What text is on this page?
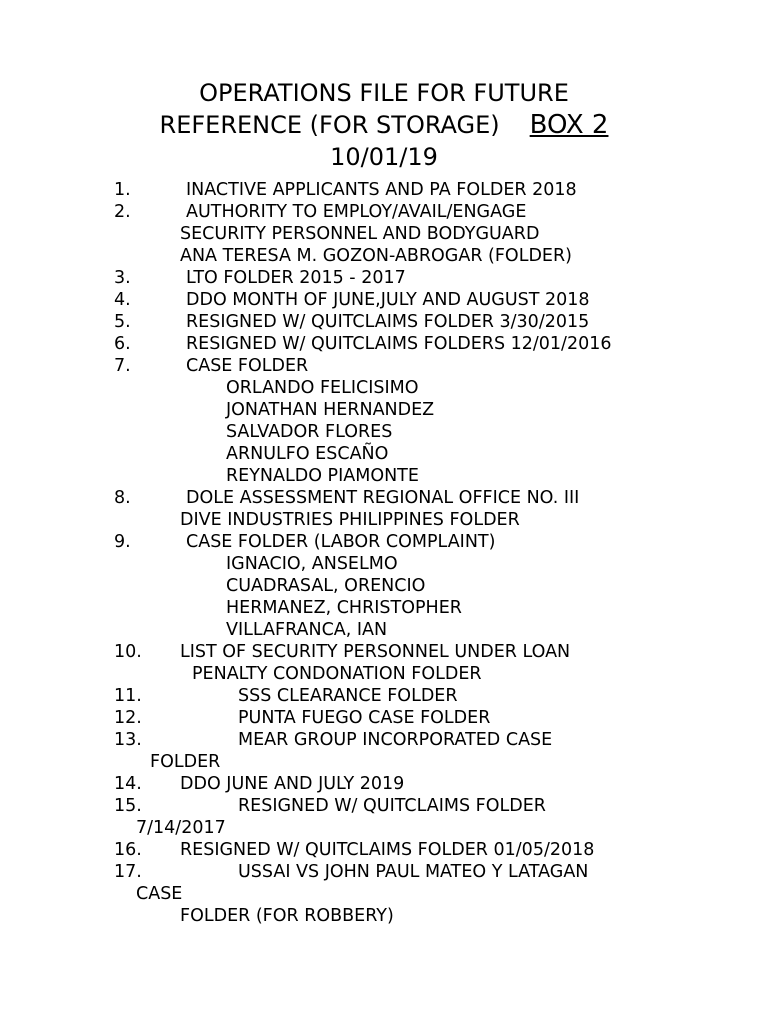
OPERATIONS FILE FOR FUTURE
REFERENCE (FOR STORAGE) BOX 2
10/01/19
1.	INACTIVE APPLICANTS AND PA FOLDER 2018
2.	AUTHORITY TO EMPLOY/AVAIL/ENGAGE
SECURITY PERSONNEL AND BODYGUARD
ANA TERESA M. GOZON-ABROGAR (FOLDER)
3.	LTO FOLDER 2015 - 2017
4.	DDO MONTH OF JUNE,JULY AND AUGUST 2018
5.	RESIGNED W/ QUITCLAIMS FOLDER 3/30/2015
6.	RESIGNED W/ QUITCLAIMS FOLDERS 12/01/2016
7.	CASE FOLDER
ORLANDO FELICISIMO
JONATHAN HERNANDEZ
SALVADOR FLORES
ARNULFO ESCAÑO
REYNALDO PIAMONTE
8.	DOLE ASSESSMENT REGIONAL OFFICE NO. III
DIVE INDUSTRIES PHILIPPINES FOLDER
9.	CASE FOLDER (LABOR COMPLAINT)
IGNACIO, ANSELMO
CUADRASAL, ORENCIO
HERMANEZ, CHRISTOPHER
VILLAFRANCA, IAN
10. LIST OF SECURITY PERSONNEL UNDER LOAN
PENALTY CONDONATION FOLDER
11.	SSS CLEARANCE FOLDER
12.	PUNTA FUEGO CASE FOLDER
13.	MEAR GROUP INCORPORATED CASE
FOLDER
14. DDO JUNE AND JULY 2019
15.	RESIGNED W/ QUITCLAIMS FOLDER
7/14/2017
16. RESIGNED W/ QUITCLAIMS FOLDER 01/05/2018
17.	USSAI VS JOHN PAUL MATEO Y LATAGAN
CASE
FOLDER (FOR ROBBERY)
